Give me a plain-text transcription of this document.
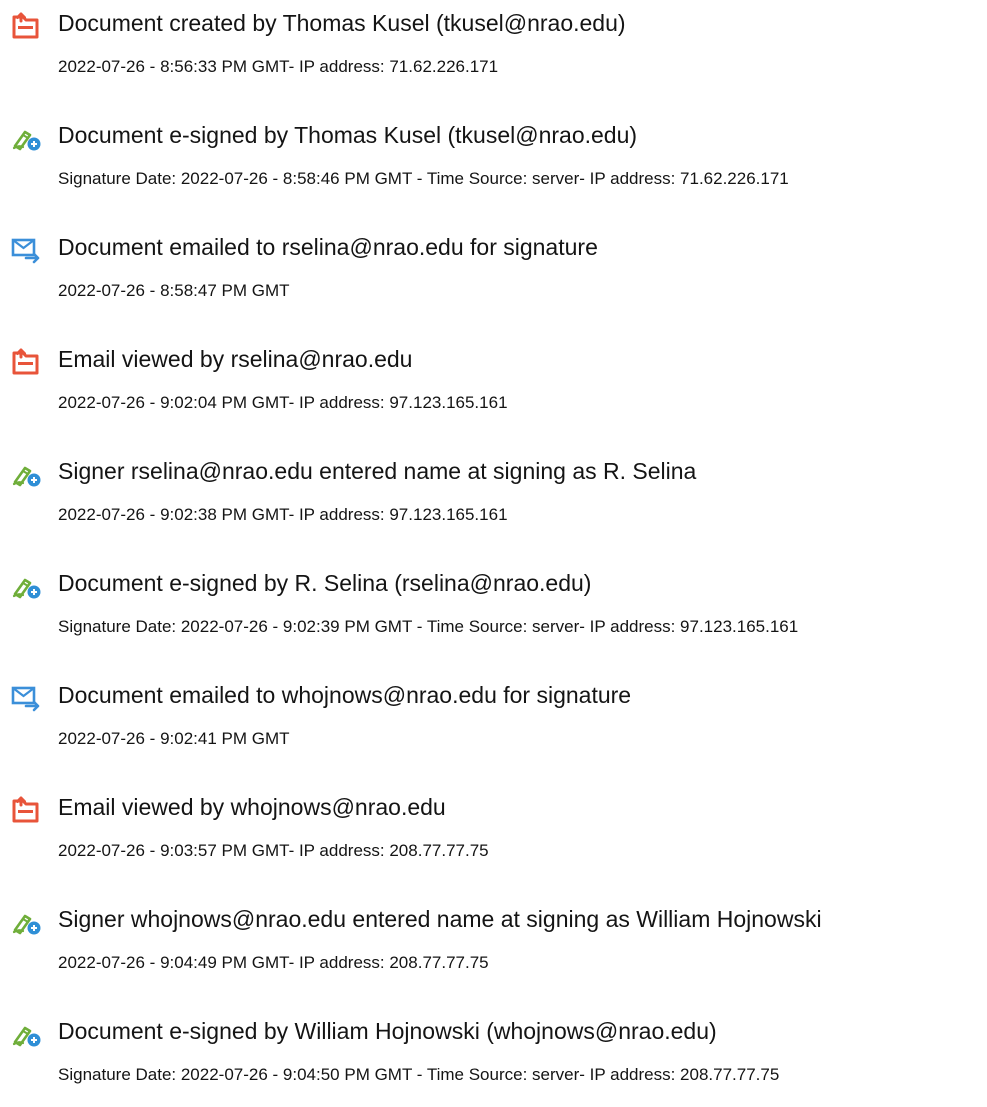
Document created by Thomas Kusel (tkusel@nrao.edu)
2022-07-26 - 8:56:33 PM GMT- IP address: 71.62.226.171
Document e-signed by Thomas Kusel (tkusel@nrao.edu)
Signature Date: 2022-07-26 - 8:58:46 PM GMT - Time Source: server- IP address: 71.62.226.171
Document emailed to rselina@nrao.edu for signature
2022-07-26 - 8:58:47 PM GMT
Email viewed by rselina@nrao.edu
2022-07-26 - 9:02:04 PM GMT- IP address: 97.123.165.161
Signer rselina@nrao.edu entered name at signing as R. Selina
2022-07-26 - 9:02:38 PM GMT- IP address: 97.123.165.161
Document e-signed by R. Selina (rselina@nrao.edu)
Signature Date: 2022-07-26 - 9:02:39 PM GMT - Time Source: server- IP address: 97.123.165.161
Document emailed to whojnows@nrao.edu for signature
2022-07-26 - 9:02:41 PM GMT
Email viewed by whojnows@nrao.edu
2022-07-26 - 9:03:57 PM GMT- IP address: 208.77.77.75
Signer whojnows@nrao.edu entered name at signing as William Hojnowski
2022-07-26 - 9:04:49 PM GMT- IP address: 208.77.77.75
Document e-signed by William Hojnowski (whojnows@nrao.edu)
Signature Date: 2022-07-26 - 9:04:50 PM GMT - Time Source: server- IP address: 208.77.77.75
